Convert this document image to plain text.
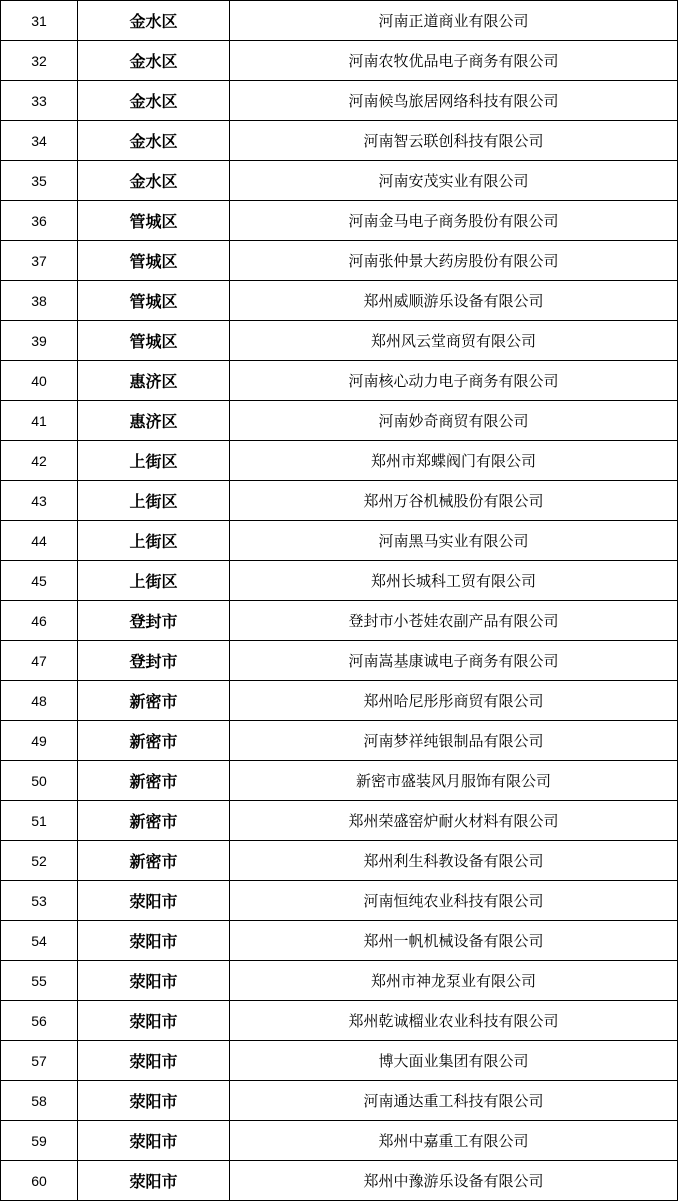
31	金水区	河南正道商业有限公司
32	金水区	河南农牧优品电子商务有限公司
33	金水区	河南候鸟旅居网络科技有限公司
34	金水区	河南智云联创科技有限公司
35	金水区	河南安茂实业有限公司
36	管城区	河南金马电子商务股份有限公司
37	管城区	河南张仲景大药房股份有限公司
38	管城区	郑州威顺游乐设备有限公司
39	管城区	郑州风云堂商贸有限公司
40	惠济区	河南核心动力电子商务有限公司
41	惠济区	河南妙奇商贸有限公司
42	上街区	郑州市郑蝶阀门有限公司
43	上街区	郑州万谷机械股份有限公司
44	上街区	河南黑马实业有限公司
45	上街区	郑州长城科工贸有限公司
46	登封市	登封市小苍娃农副产品有限公司
47	登封市	河南嵩基康诚电子商务有限公司
48	新密市	郑州哈尼彤彤商贸有限公司
49	新密市	河南梦祥纯银制品有限公司
50	新密市	新密市盛装风月服饰有限公司
51	新密市	郑州荣盛窑炉耐火材料有限公司
52	新密市	郑州利生科教设备有限公司
53	荥阳市	河南恒纯农业科技有限公司
54	荥阳市	郑州一帆机械设备有限公司
55	荥阳市	郑州市神龙泵业有限公司
56	荥阳市	郑州乾诚榴业农业科技有限公司
57	荥阳市	博大面业集团有限公司
58	荥阳市	河南通达重工科技有限公司
59	荥阳市	郑州中嘉重工有限公司
60	荥阳市	郑州中豫游乐设备有限公司
